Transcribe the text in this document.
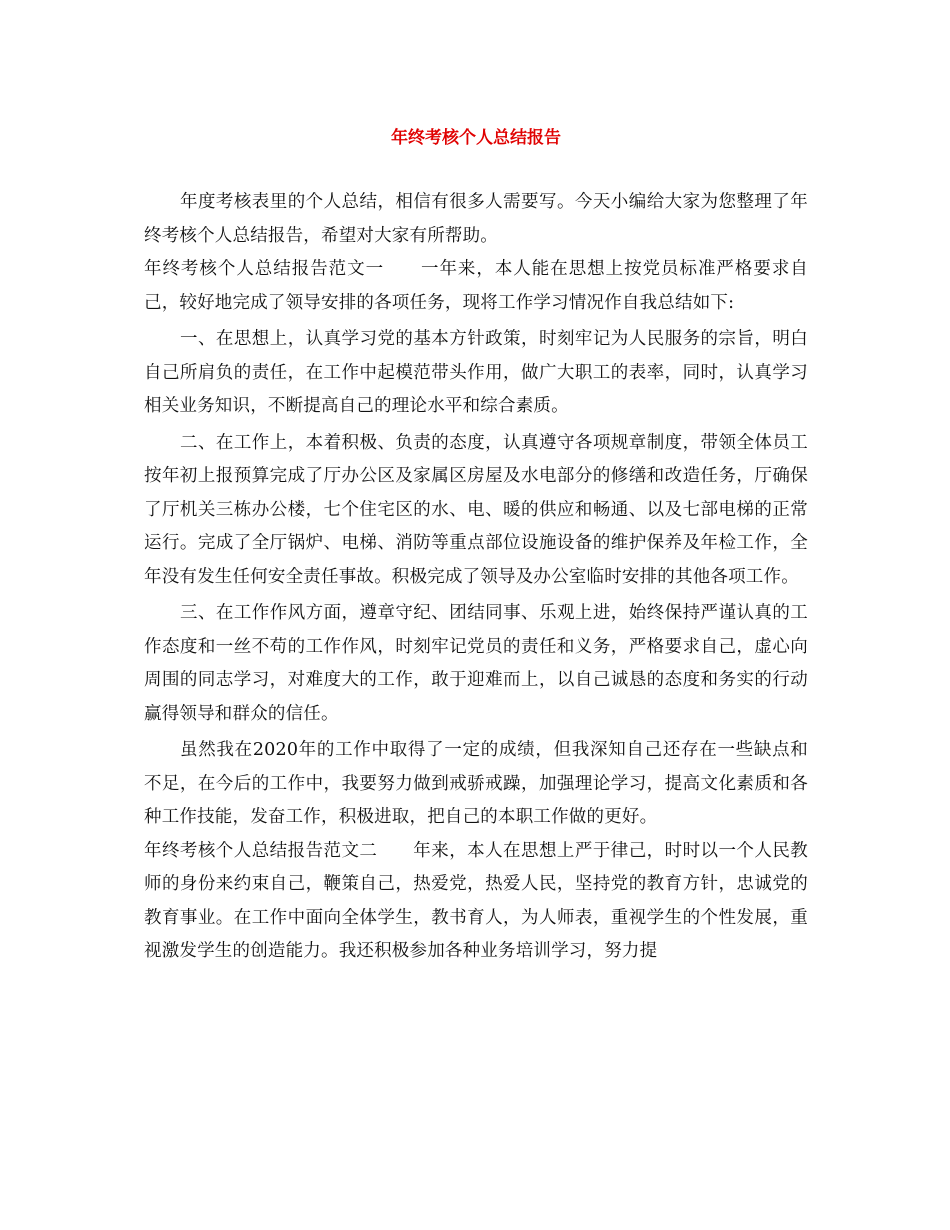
年终考核个人总结报告

年度考核表里的个人总结，相信有很多人需要写。今天小编给大家为您整理了年终考核个人总结报告，希望对大家有所帮助。

年终考核个人总结报告范文一　　一年来，本人能在思想上按党员标准严格要求自己，较好地完成了领导安排的各项任务，现将工作学习情况作自我总结如下:

一、在思想上，认真学习党的基本方针政策，时刻牢记为人民服务的宗旨，明白自己所肩负的责任，在工作中起模范带头作用，做广大职工的表率，同时，认真学习相关业务知识，不断提高自己的理论水平和综合素质。

二、在工作上，本着积极、负责的态度，认真遵守各项规章制度，带领全体员工按年初上报预算完成了厅办公区及家属区房屋及水电部分的修缮和改造任务，厅确保了厅机关三栋办公楼，七个住宅区的水、电、暖的供应和畅通、以及七部电梯的正常运行。完成了全厅锅炉、电梯、消防等重点部位设施设备的维护保养及年检工作，全年没有发生任何安全责任事故。积极完成了领导及办公室临时安排的其他各项工作。

三、在工作作风方面，遵章守纪、团结同事、乐观上进，始终保持严谨认真的工作态度和一丝不苟的工作作风，时刻牢记党员的责任和义务，严格要求自己，虚心向周围的同志学习，对难度大的工作，敢于迎难而上，以自己诚恳的态度和务实的行动赢得领导和群众的信任。

虽然我在2020年的工作中取得了一定的成绩，但我深知自己还存在一些缺点和不足，在今后的工作中，我要努力做到戒骄戒躁，加强理论学习，提高文化素质和各种工作技能，发奋工作，积极进取，把自己的本职工作做的更好。

年终考核个人总结报告范文二　　年来，本人在思想上严于律己，时时以一个人民教师的身份来约束自己，鞭策自己，热爱党，热爱人民，坚持党的教育方针，忠诚党的教育事业。在工作中面向全体学生，教书育人，为人师表，重视学生的个性发展，重视激发学生的创造能力。我还积极参加各种业务培训学习，努力提
